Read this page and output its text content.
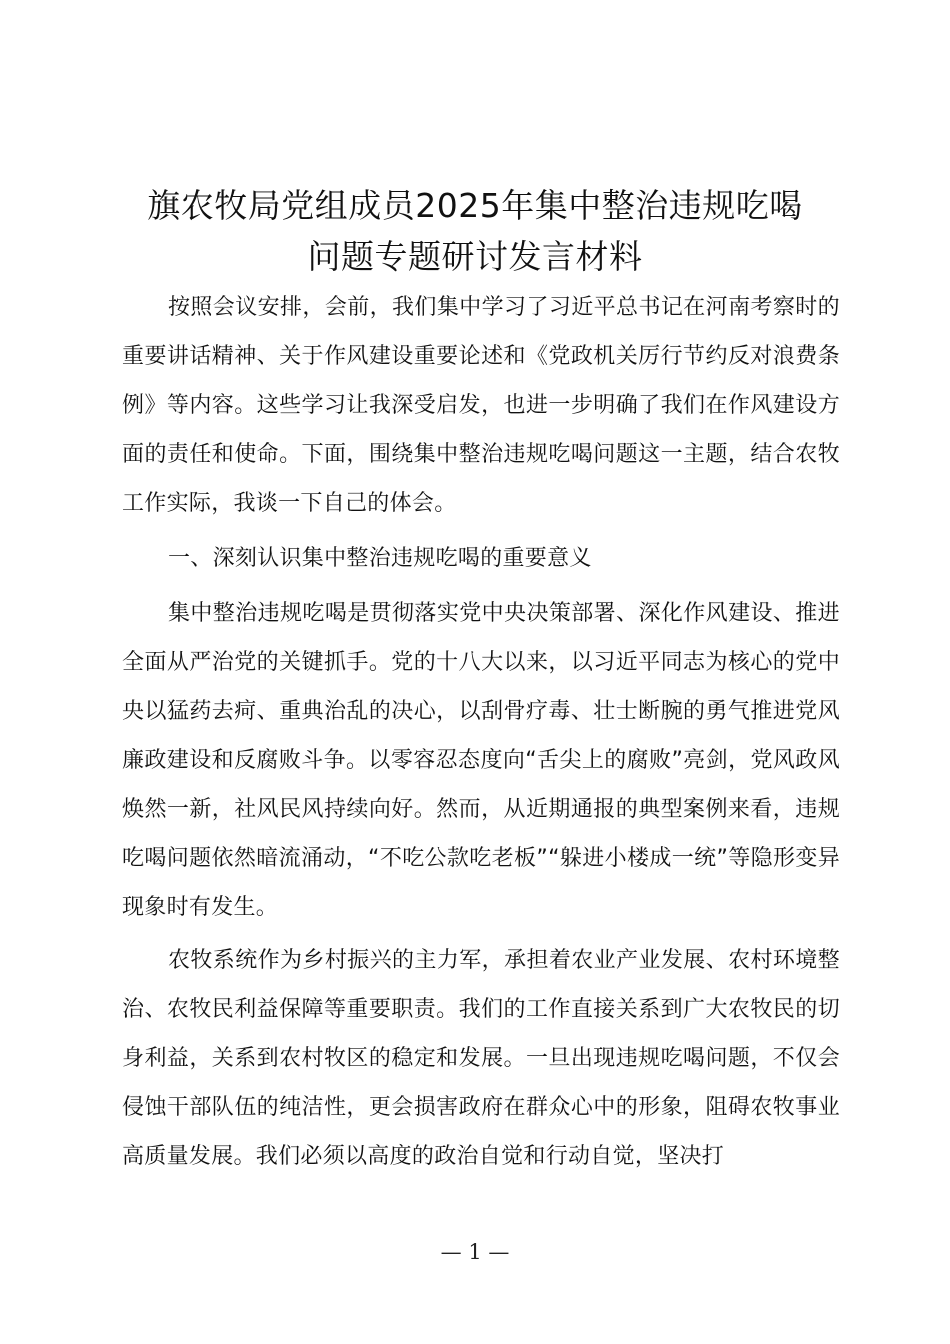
旗农牧局党组成员2025年集中整治违规吃喝
问题专题研讨发言材料

按照会议安排，会前，我们集中学习了习近平总书记在河南考察时的重要讲话精神、关于作风建设重要论述和《党政机关厉行节约反对浪费条例》等内容。这些学习让我深受启发，也进一步明确了我们在作风建设方面的责任和使命。下面，围绕集中整治违规吃喝问题这一主题，结合农牧工作实际，我谈一下自己的体会。

一、深刻认识集中整治违规吃喝的重要意义

集中整治违规吃喝是贯彻落实党中央决策部署、深化作风建设、推进全面从严治党的关键抓手。党的十八大以来，以习近平同志为核心的党中央以猛药去疴、重典治乱的决心，以刮骨疗毒、壮士断腕的勇气推进党风廉政建设和反腐败斗争。以零容忍态度向“舌尖上的腐败”亮剑，党风政风焕然一新，社风民风持续向好。然而，从近期通报的典型案例来看，违规吃喝问题依然暗流涌动，“不吃公款吃老板”“躲进小楼成一统”等隐形变异现象时有发生。

农牧系统作为乡村振兴的主力军，承担着农业产业发展、农村环境整治、农牧民利益保障等重要职责。我们的工作直接关系到广大农牧民的切身利益，关系到农村牧区的稳定和发展。一旦出现违规吃喝问题，不仅会侵蚀干部队伍的纯洁性，更会损害政府在群众心中的形象，阻碍农牧事业高质量发展。我们必须以高度的政治自觉和行动自觉，坚决打

— 1 —
